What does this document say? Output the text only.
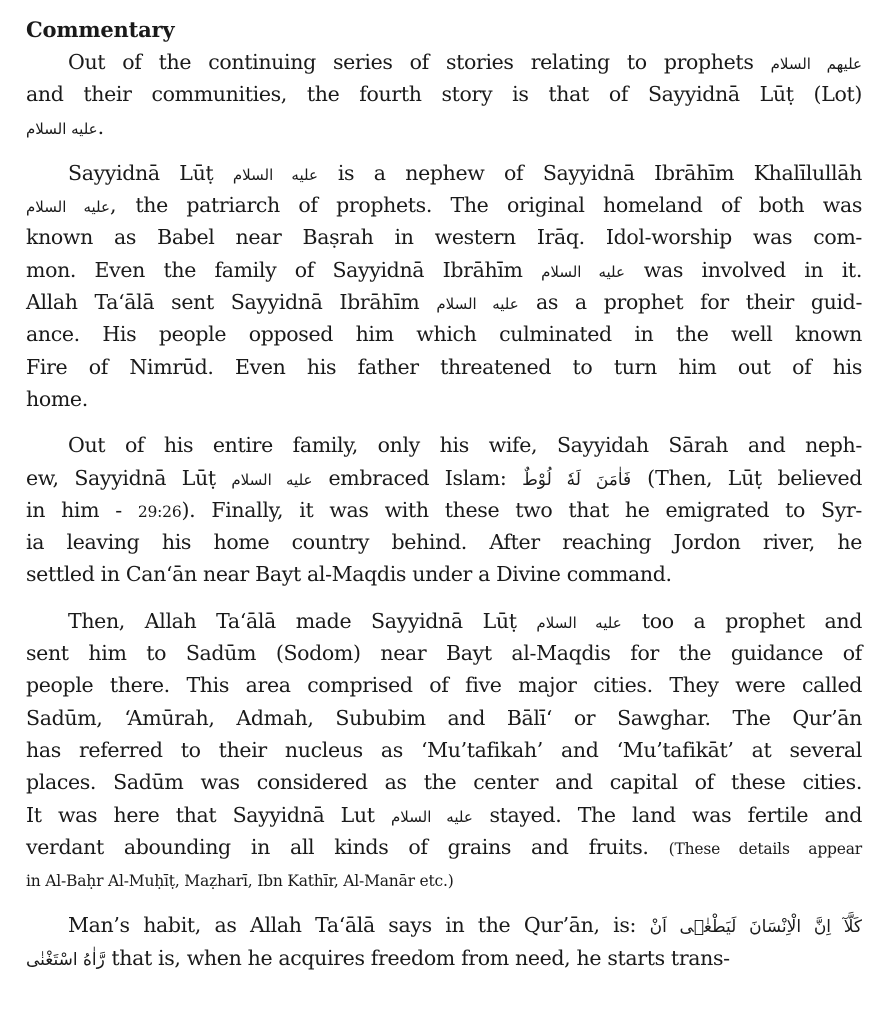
Commentary
Out of the continuing series of stories relating to prophets عليهم السلام
and their communities, the fourth story is that of Sayyidnā Lūṭ (Lot)
عليه السلام.
Sayyidnā Lūṭ عليه السلام is a nephew of Sayyidnā Ibrāhīm Khalīlullāh
عليه السلام, the patriarch of prophets. The original homeland of both was
known as Babel near Baṣrah in western Irāq. Idol-worship was com-
mon. Even the family of Sayyidnā Ibrāhīm عليه السلام was involved in it.
Allah Ta‘ālā sent Sayyidnā Ibrāhīm عليه السلام as a prophet for their guid-
ance. His people opposed him which culminated in the well known
Fire of Nimrūd. Even his father threatened to turn him out of his
home.
Out of his entire family, only his wife, Sayyidah Sārah and neph-
ew, Sayyidnā Lūṭ عليه السلام embraced Islam: فَاٰمَنَ لَهٗ لُوْطٌ (Then, Lūṭ believed
in him - 29:26). Finally, it was with these two that he emigrated to Syr-
ia leaving his home country behind. After reaching Jordon river, he
settled in Can‘ān near Bayt al-Maqdis under a Divine command.
Then, Allah Ta‘ālā made Sayyidnā Lūṭ عليه السلام too a prophet and
sent him to Sadūm (Sodom) near Bayt al-Maqdis for the guidance of
people there. This area comprised of five major cities. They were called
Sadūm, ‘Amūrah, Admah, Sububim and Bālī‘ or Sawghar. The Qur’ān
has referred to their nucleus as ‘Mu’tafikah’ and ‘Mu’tafikāt’ at several
places. Sadūm was considered as the center and capital of these cities.
It was here that Sayyidnā Lut عليه السلام stayed. The land was fertile and
verdant abounding in all kinds of grains and fruits. (These details appear
in Al-Baḥr Al-Muḥīṭ, Maẓharī, Ibn Kathīr, Al-Manār etc.)
Man’s habit, as Allah Ta‘ālā says in the Qur’ān, is: كَلَّآ اِنَّ الْاِنْسَانَ لَيَطْغٰۤى اَنْ
رَّاٰهُ اسْتَغْنٰى that is, when he acquires freedom from need, he starts trans-
